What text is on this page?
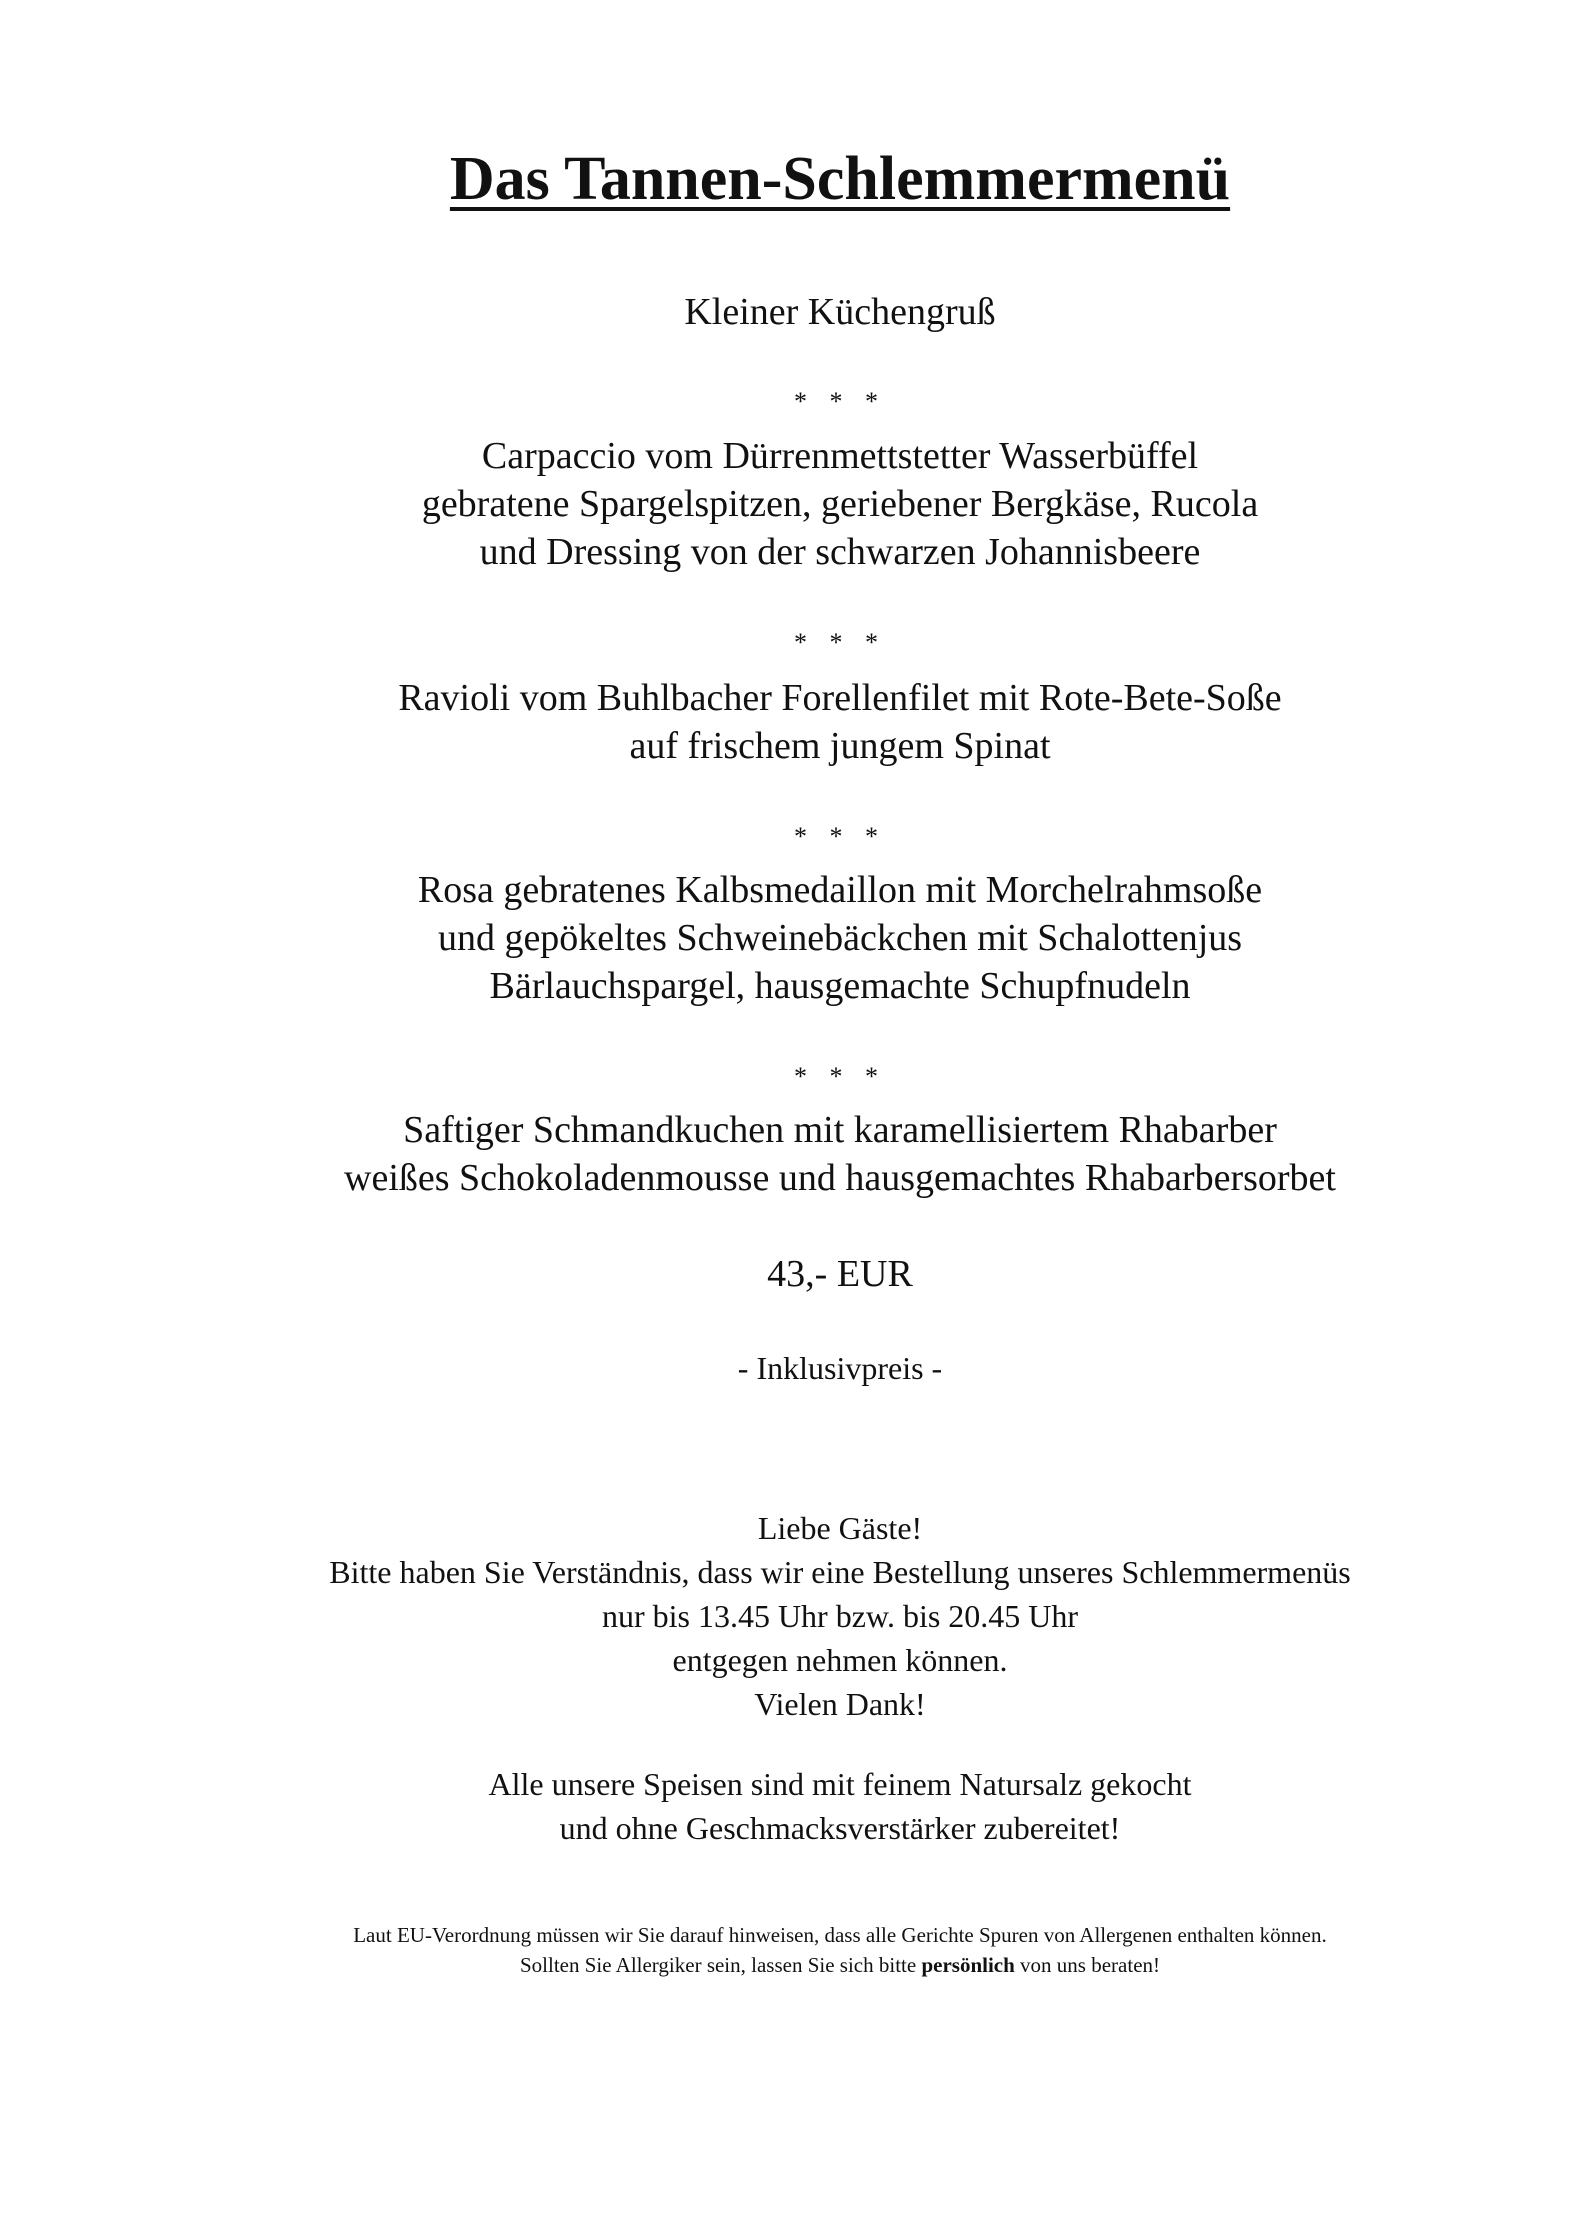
Das Tannen-Schlemmermenü
Kleiner Küchengruß
* * *
Carpaccio vom Dürrenmettstetter Wasserbüffel
gebratene Spargelspitzen, geriebener Bergkäse, Rucola
und Dressing von der schwarzen Johannisbeere
* * *
Ravioli vom Buhlbacher Forellenfilet mit Rote-Bete-Soße
auf frischem jungem Spinat
* * *
Rosa gebratenes Kalbsmedaillon mit Morchelrahmsoße
und gepökeltes Schweinebäckchen mit Schalottenjus
Bärlauchspargel, hausgemachte Schupfnudeln
* * *
Saftiger Schmandkuchen mit karamellisiertem Rhabarber
weißes Schokoladenmousse und hausgemachtes Rhabarbersorbet
43,- EUR
- Inklusivpreis -
Liebe Gäste!
Bitte haben Sie Verständnis, dass wir eine Bestellung unseres Schlemmermenüs
nur bis 13.45 Uhr bzw. bis 20.45 Uhr
entgegen nehmen können.
Vielen Dank!
Alle unsere Speisen sind mit feinem Natursalz gekocht
und ohne Geschmacksverstärker zubereitet!
Laut EU-Verordnung müssen wir Sie darauf hinweisen, dass alle Gerichte Spuren von Allergenen enthalten können.
Sollten Sie Allergiker sein, lassen Sie sich bitte persönlich von uns beraten!
